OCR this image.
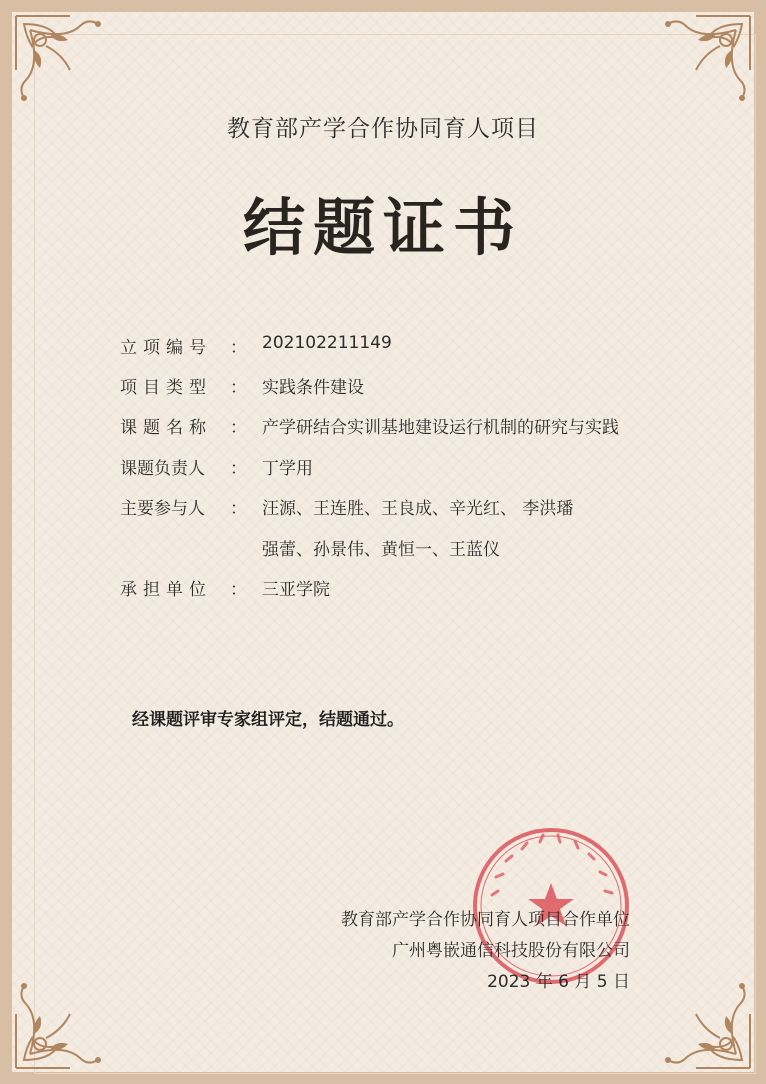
教育部产学合作协同育人项目
结题证书
立项编号	： 202102211149
项目类型	： 实践条件建设
课题名称	： 产学研结合实训基地建设运行机制的研究与实践
课题负责人	： 丁学用
主要参与人	： 汪源、王连胜、王良成、辛光红、 李洪璠
强蕾、孙景伟、黄恒一、王蓝仪
承担单位	： 三亚学院
经课题评审专家组评定，结题通过。
教育部产学合作协同育人项目合作单位
广州粤嵌通信科技股份有限公司
2023 年 6 月 5 日
